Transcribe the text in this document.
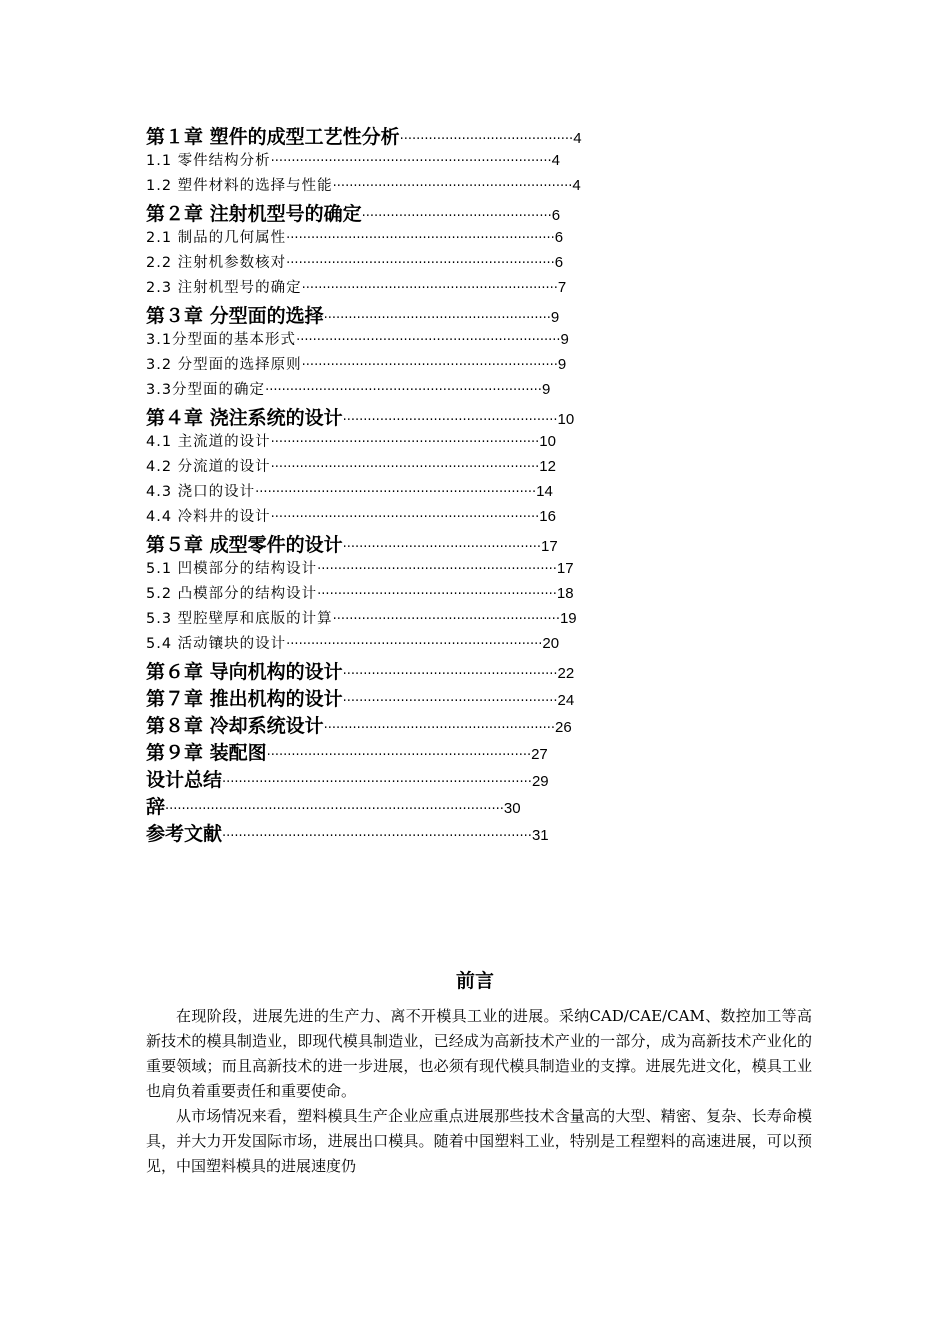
第１章 塑件的成型工艺性分析 ·········································· 4
1.1 零件结构分析 ···································································· 4
1.2 塑件材料的选择与性能 ·························································· 4
第２章 注射机型号的确定 ·············································· 6
2.1 制品的几何属性 ································································· 6
2.2 注射机参数核对 ································································· 6
2.3 注射机型号的确定 ······························································ 7
第３章 分型面的选择 ······················································· 9
3.1分型面的基本形式 ································································ 9
3.2 分型面的选择原则 ······························································ 9
3.3分型面的确定 ··································································· 9
第４章 浇注系统的设计 ···················································· 10
4.1 主流道的设计 ································································· 10
4.2 分流道的设计 ································································· 12
4.3 浇口的设计 ···································································· 14
4.4 冷料井的设计 ································································· 16
第５章 成型零件的设计 ················································ 17
5.1 凹模部分的结构设计 ·························································· 17
5.2 凸模部分的结构设计 ·························································· 18
5.3 型腔壁厚和底版的计算 ······················································· 19
5.4 活动镶块的设计 ······························································ 20
第６章 导向机构的设计 ···················································· 22
第７章 推出机构的设计 ···················································· 24
第８章 冷却系统设计 ························································ 26
第９章 装配图 ································································ 27
设计总结 ··········································································· 29
辞 ·················································································· 30
参考文献 ··········································································· 31
前言

在现阶段，进展先进的生产力、离不开模具工业的进展。采纳CAD/CAE/CAM、数控加工等高新技术的模具制造业，即现代模具制造业，已经成为高新技术产业的一部分，成为高新技术产业化的重要领域；而且高新技术的进一步进展，也必须有现代模具制造业的支撑。进展先进文化，模具工业也肩负着重要责任和重要使命。

从市场情况来看，塑料模具生产企业应重点进展那些技术含量高的大型、精密、复杂、长寿命模具，并大力开发国际市场，进展出口模具。随着中国塑料工业，特别是工程塑料的高速进展，可以预见，中国塑料模具的进展速度仍
